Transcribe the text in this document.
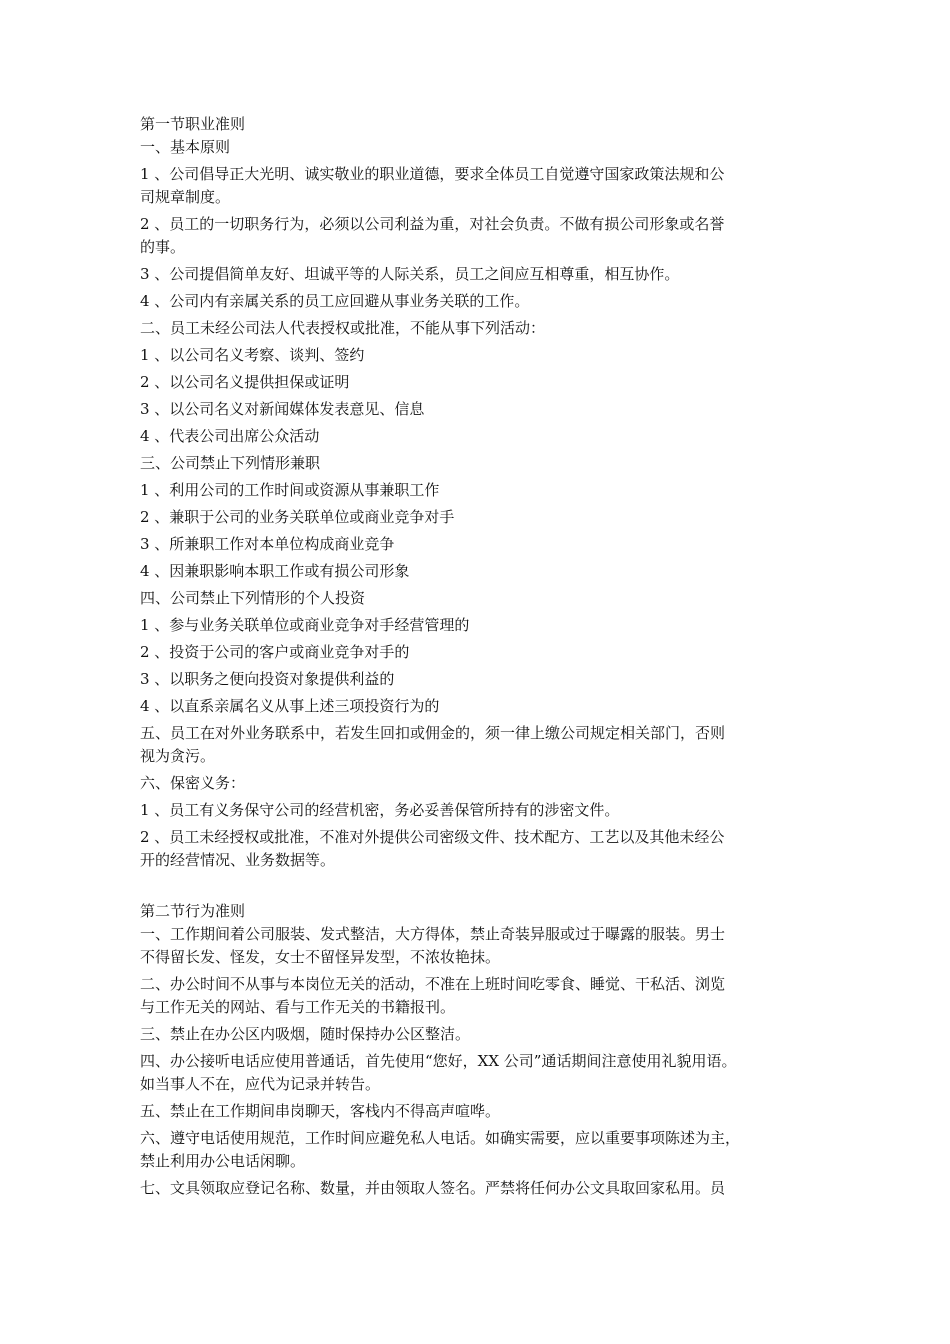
第一节职业准则
一、基本原则
1 、公司倡导正大光明、诚实敬业的职业道德，要求全体员工自觉遵守国家政策法规和公
司规章制度。
2 、员工的一切职务行为，必须以公司利益为重，对社会负责。不做有损公司形象或名誉
的事。
3 、公司提倡简单友好、坦诚平等的人际关系，员工之间应互相尊重，相互协作。
4 、公司内有亲属关系的员工应回避从事业务关联的工作。
二、员工未经公司法人代表授权或批准，不能从事下列活动：
1 、以公司名义考察、谈判、签约
2 、以公司名义提供担保或证明
3 、以公司名义对新闻媒体发表意见、信息
4 、代表公司出席公众活动
三、公司禁止下列情形兼职
1 、利用公司的工作时间或资源从事兼职工作
2 、兼职于公司的业务关联单位或商业竞争对手
3 、所兼职工作对本单位构成商业竞争
4 、因兼职影响本职工作或有损公司形象
四、公司禁止下列情形的个人投资
1 、参与业务关联单位或商业竞争对手经营管理的
2 、投资于公司的客户或商业竞争对手的
3 、以职务之便向投资对象提供利益的
4 、以直系亲属名义从事上述三项投资行为的
五、员工在对外业务联系中，若发生回扣或佣金的，须一律上缴公司规定相关部门，否则
视为贪污。
六、保密义务：
1 、员工有义务保守公司的经营机密，务必妥善保管所持有的涉密文件。
2 、员工未经授权或批准，不准对外提供公司密级文件、技术配方、工艺以及其他未经公
开的经营情况、业务数据等。
第二节行为准则
一、工作期间着公司服装、发式整洁，大方得体，禁止奇装异服或过于曝露的服装。男士
不得留长发、怪发，女士不留怪异发型，不浓妆艳抹。
二、办公时间不从事与本岗位无关的活动，不准在上班时间吃零食、睡觉、干私活、浏览
与工作无关的网站、看与工作无关的书籍报刊。
三、禁止在办公区内吸烟，随时保持办公区整洁。
四、办公接听电话应使用普通话，首先使用“您好，XX 公司”通话期间注意使用礼貌用语。
如当事人不在，应代为记录并转告。
五、禁止在工作期间串岗聊天，客栈内不得高声喧哗。
六、遵守电话使用规范，工作时间应避免私人电话。如确实需要，应以重要事项陈述为主，
禁止利用办公电话闲聊。
七、文具领取应登记名称、数量，并由领取人签名。严禁将任何办公文具取回家私用。员
